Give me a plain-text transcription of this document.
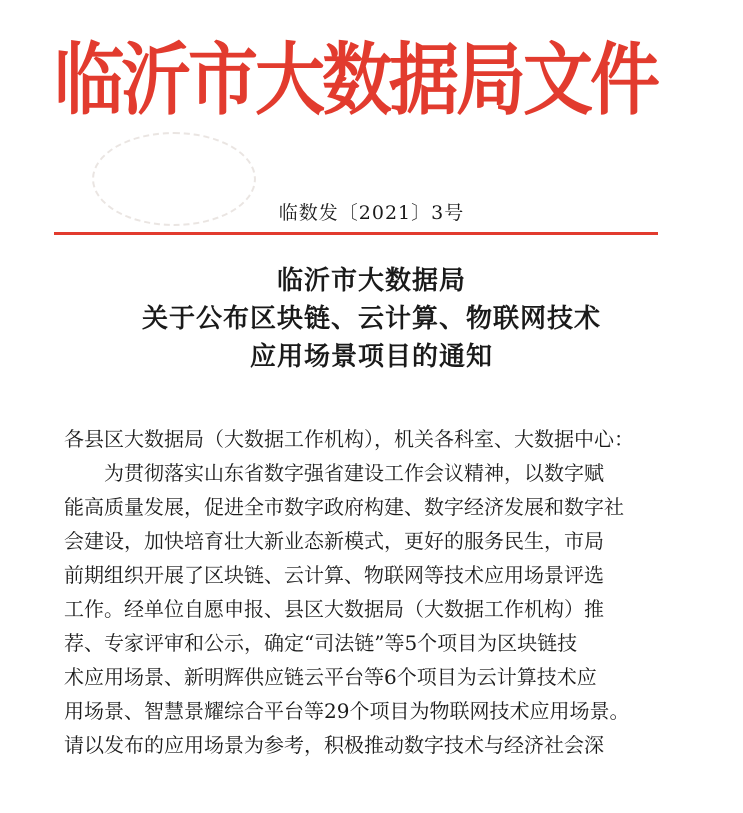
临沂市大数据局文件
临数发〔2021〕3号
临沂市大数据局
关于公布区块链、云计算、物联网技术
应用场景项目的通知
各县区大数据局（大数据工作机构），机关各科室、大数据中心：
为贯彻落实山东省数字强省建设工作会议精神，以数字赋
能高质量发展，促进全市数字政府构建、数字经济发展和数字社
会建设，加快培育壮大新业态新模式，更好的服务民生，市局
前期组织开展了区块链、云计算、物联网等技术应用场景评选
工作。经单位自愿申报、县区大数据局（大数据工作机构）推
荐、专家评审和公示，确定“司法链”等5个项目为区块链技
术应用场景、新明辉供应链云平台等6个项目为云计算技术应
用场景、智慧景耀综合平台等29个项目为物联网技术应用场景。
请以发布的应用场景为参考，积极推动数字技术与经济社会深
